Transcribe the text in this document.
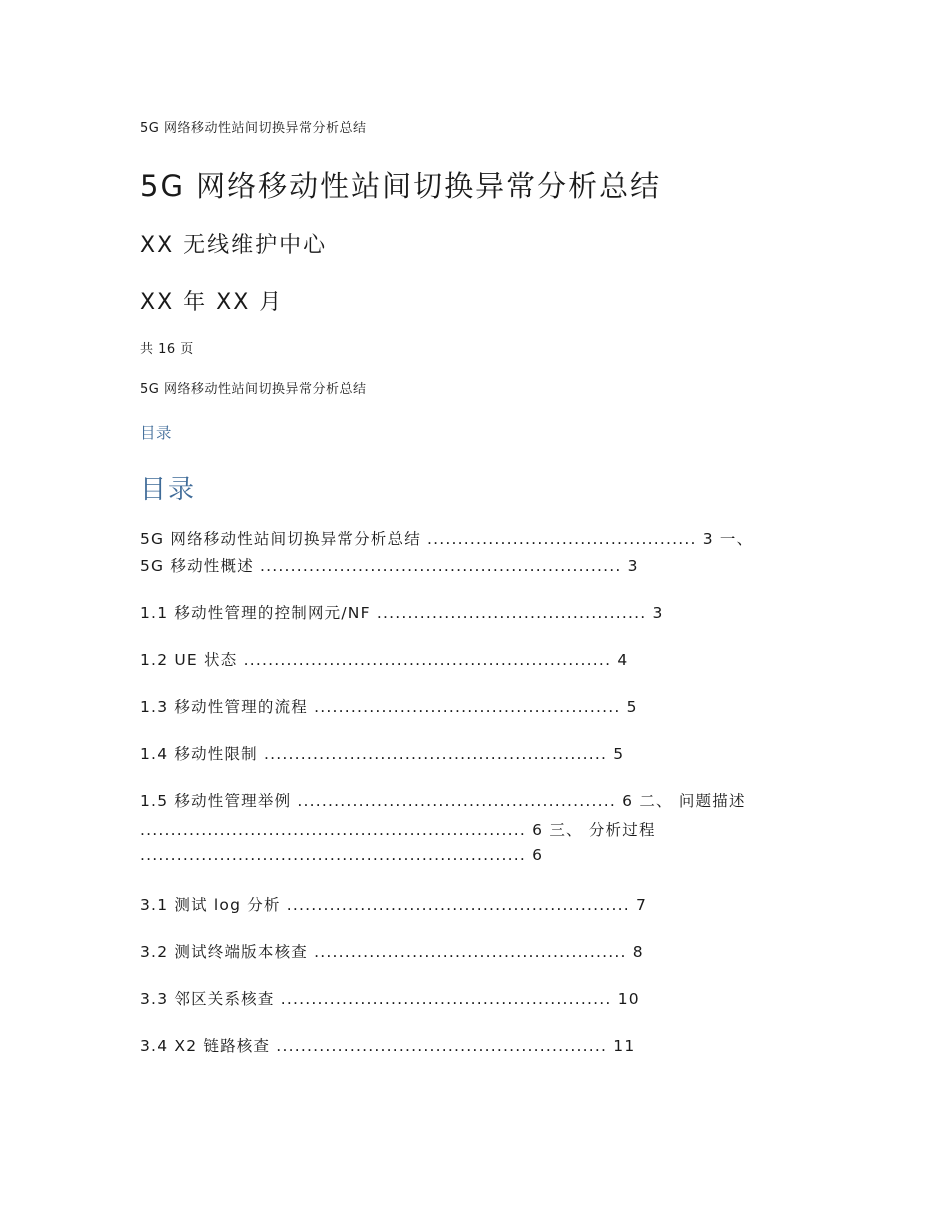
5G 网络移动性站间切换异常分析总结
5G 网络移动性站间切换异常分析总结
XX 无线维护中心
XX 年 XX 月
共 16 页
5G 网络移动性站间切换异常分析总结
目录
目录
5G 网络移动性站间切换异常分析总结 ............................................ 3 一、
5G 移动性概述 ........................................................... 3
1.1 移动性管理的控制网元/NF ............................................ 3
1.2 UE 状态 ............................................................ 4
1.3 移动性管理的流程 .................................................. 5
1.4 移动性限制 ........................................................ 5
1.5 移动性管理举例 .................................................... 6 二、 问题描述
............................................................... 6 三、 分析过程
............................................................... 6
3.1 测试 log 分析 ........................................................ 7
3.2 测试终端版本核查 ................................................... 8
3.3 邻区关系核查 ...................................................... 10
3.4 X2 链路核查 ...................................................... 11
